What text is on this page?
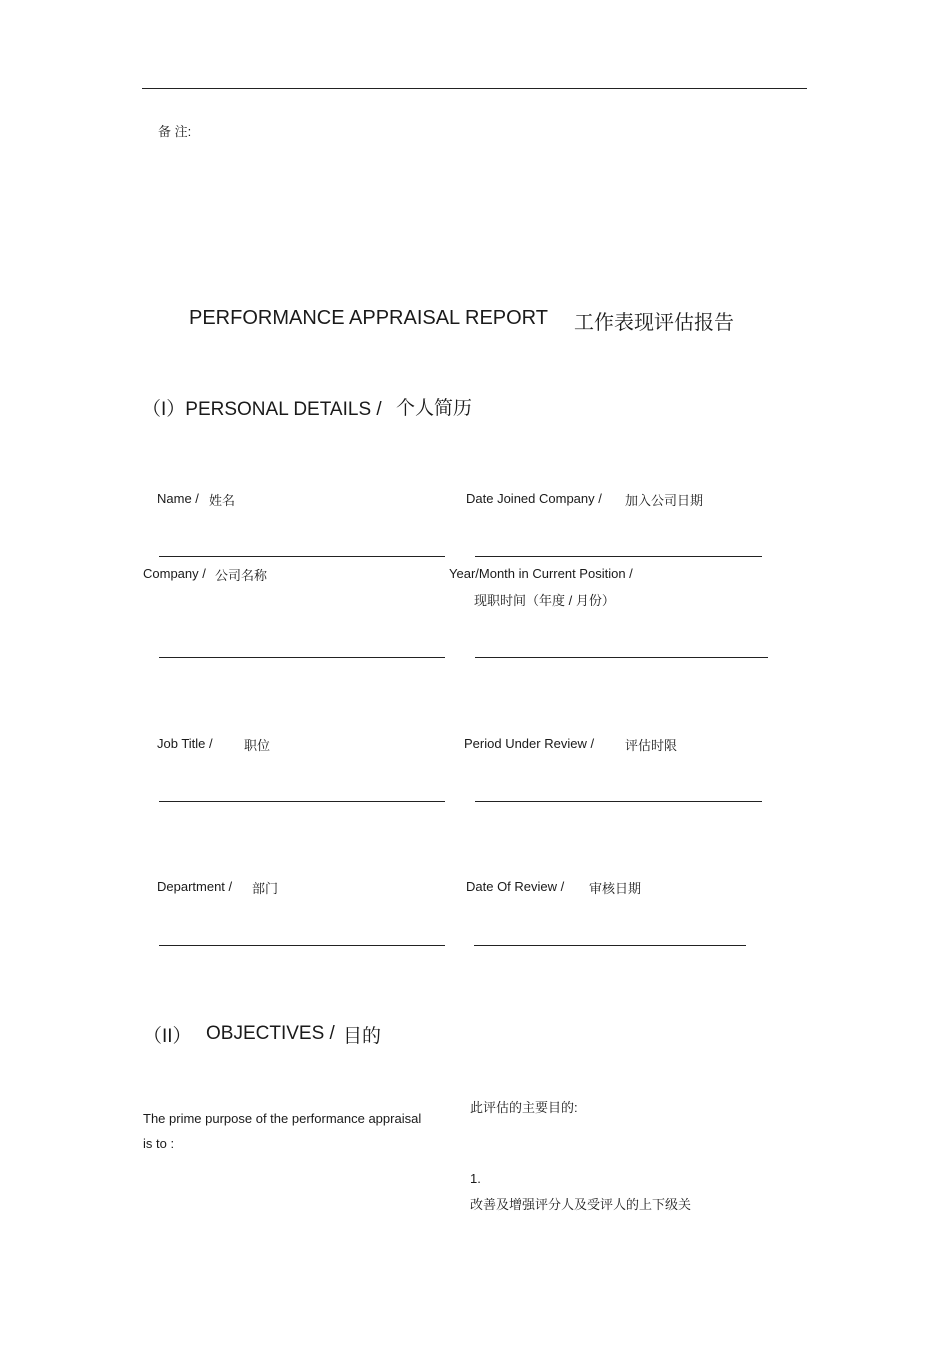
备 注:
PERFORMANCE APPRAISAL REPORT 工作表现评估报告
（I）PERSONAL DETAILS / 个人简历
Name / 姓名	Date Joined Company / 加入公司日期
Company / 公司名称	Year/Month in Current Position /
现职时间（年度 / 月份）
Job Title / 职位	Period Under Review / 评估时限
Department / 部门	Date Of Review / 审核日期
（II） OBJECTIVES / 目的
The prime purpose of the performance appraisal
is to :
此评估的主要目的:
1.
改善及增强评分人及受评人的上下级关
